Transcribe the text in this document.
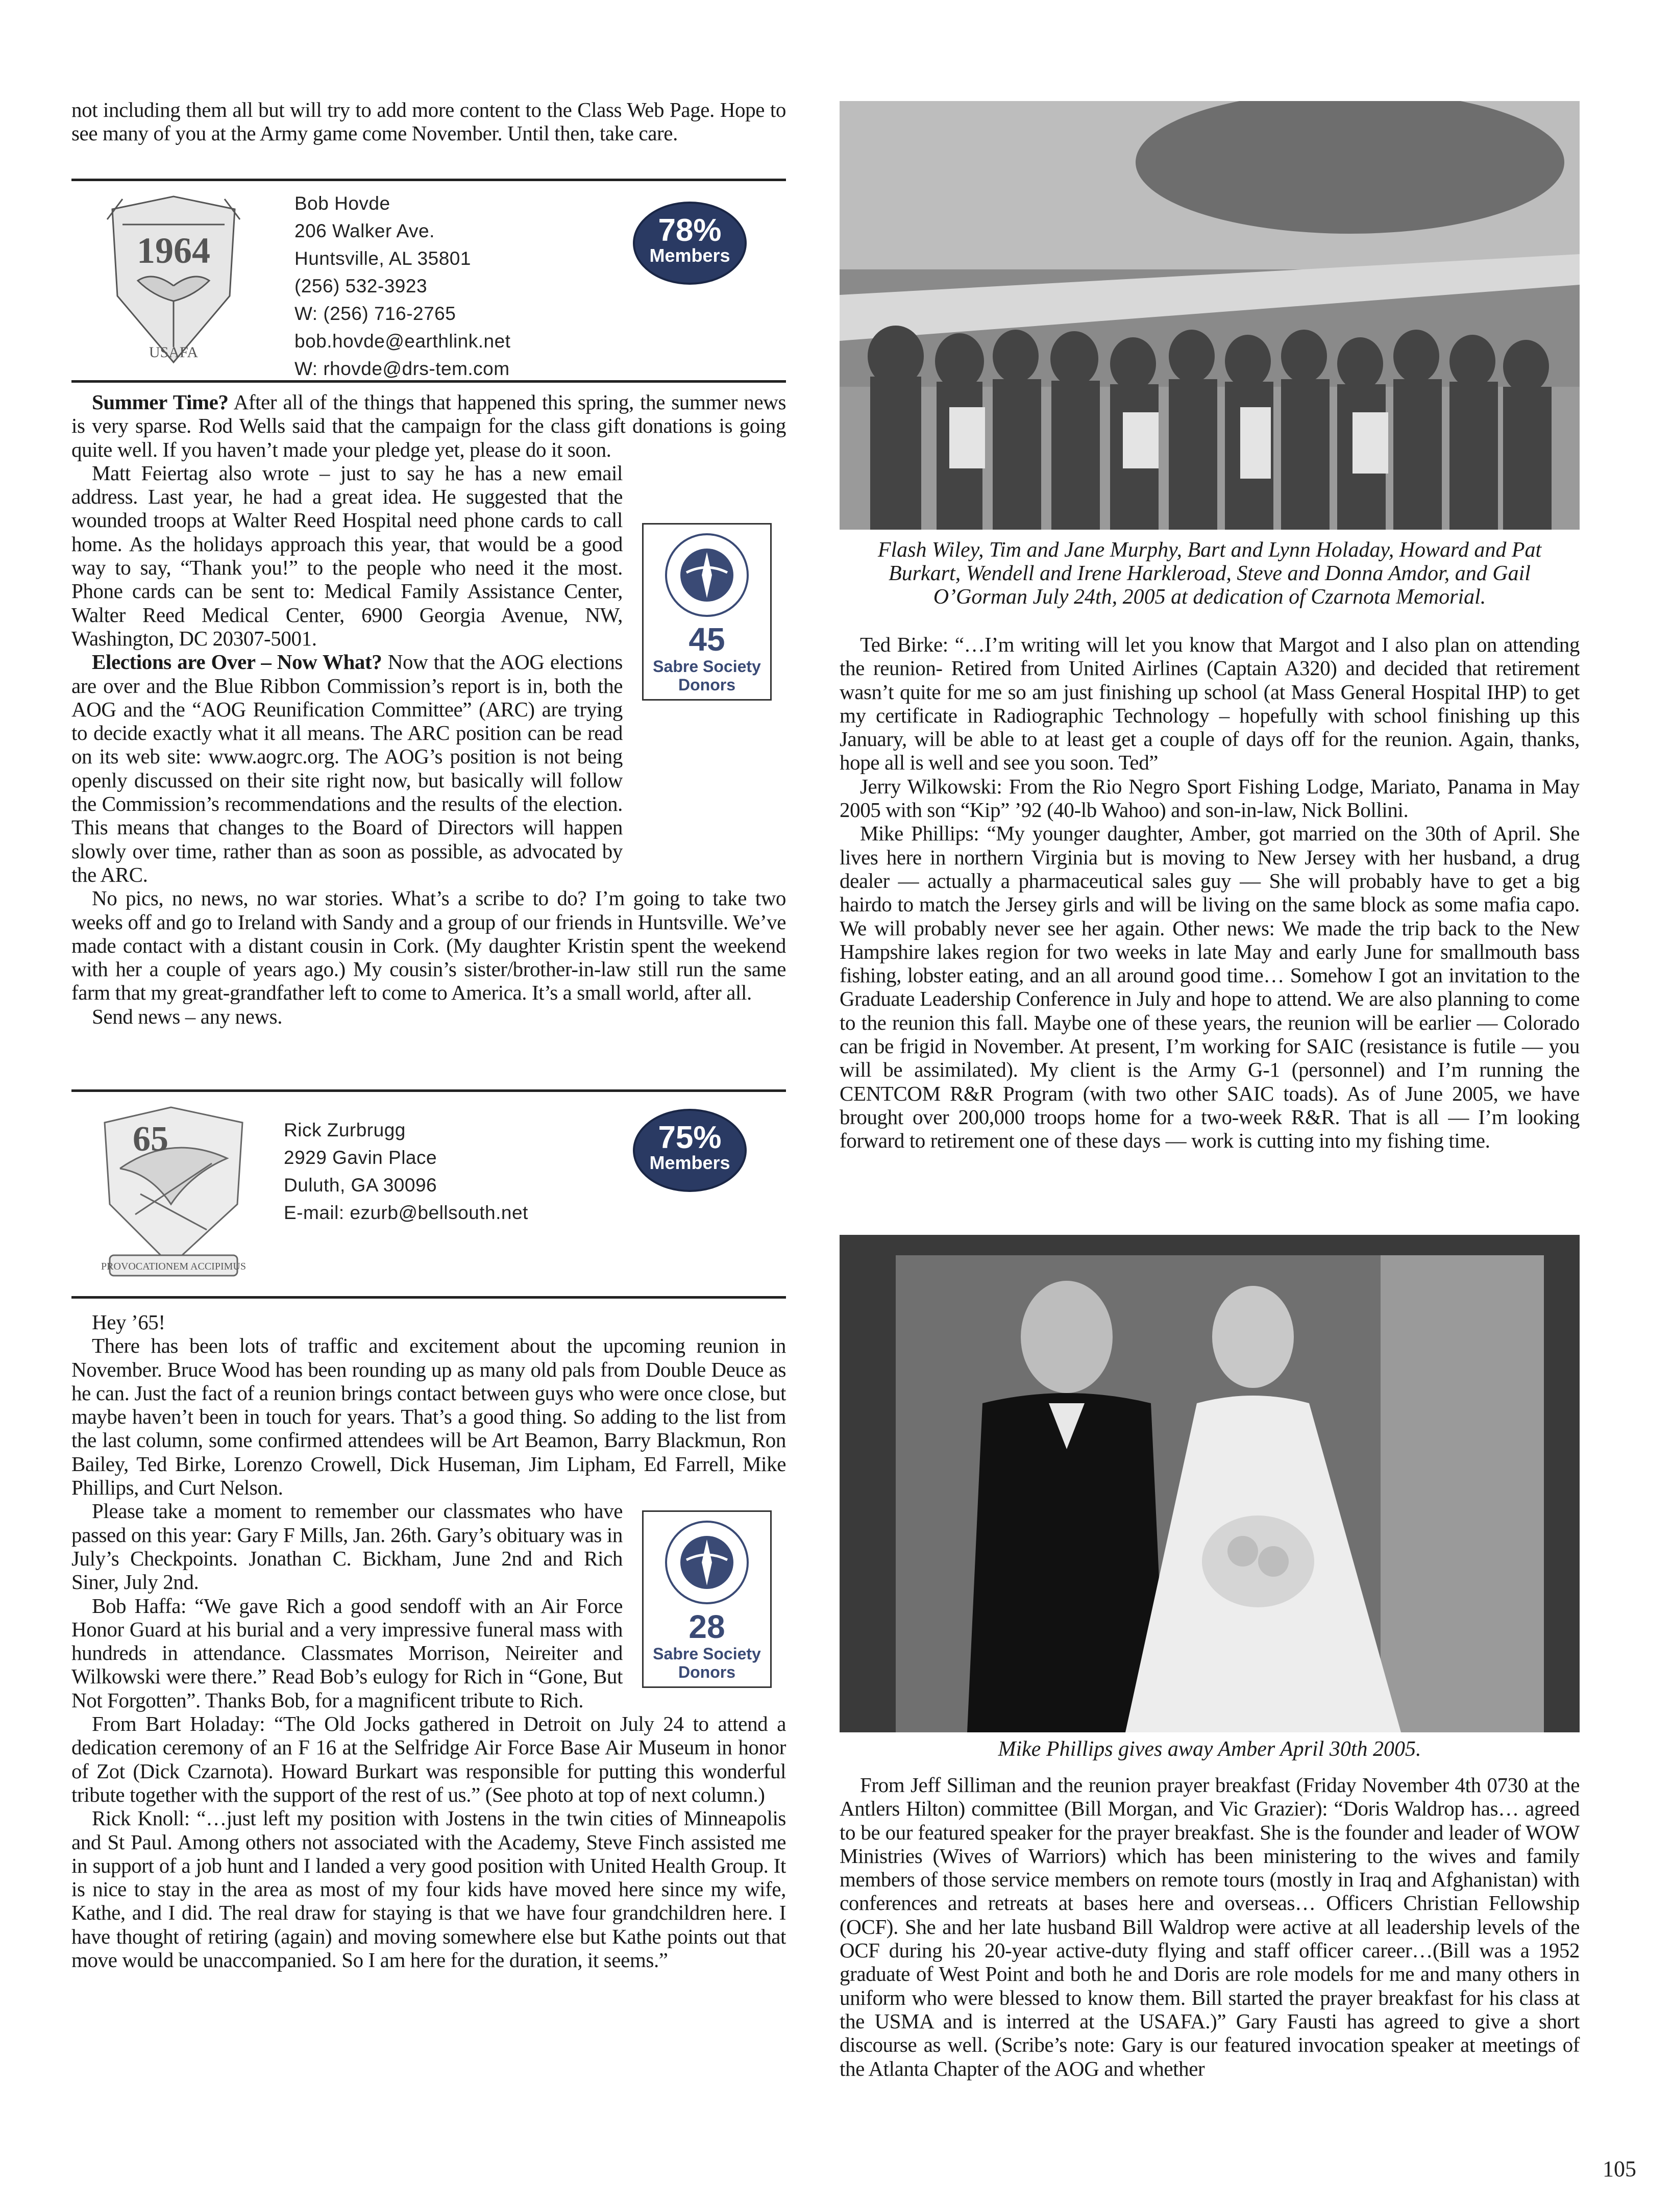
not including them all but will try to add more content to the Class Web Page. Hope to see many of you at the Army game come November. Until then, take care.

1964
USAFA
Bob Hovde
206 Walker Ave.
Huntsville, AL 35801
(256) 532-3923
W: (256) 716-2765
bob.hovde@earthlink.net
W: rhovde@drs-tem.com
78%
Members

Summer Time? After all of the things that happened this spring, the summer news is very sparse. Rod Wells said that the campaign for the class gift donations is going quite well. If you haven’t made your pledge yet, please do it soon.

Matt Feiertag also wrote – just to say he has a new email address. Last year, he had a great idea. He suggested that the wounded troops at Walter Reed Hospital need phone cards to call home. As the holidays approach this year, that would be a good way to say, “Thank you!” to the people who need it the most. Phone cards can be sent to: Medical Family Assistance Center, Walter Reed Medical Center, 6900 Georgia Avenue, NW, Washington, DC 20307-5001.

Elections are Over – Now What? Now that the AOG elections are over and the Blue Ribbon Commission’s report is in, both the AOG and the “AOG Reunification Committee” (ARC) are trying to decide exactly what it all means. The ARC position can be read on its web site: www.aogrc.org. The AOG’s position is not being openly discussed on their site right now, but basically will follow the Commission’s recommendations and the results of the election. This means that changes to the Board of Directors will happen slowly over time, rather than as soon as possible, as advocated by the ARC.

No pics, no news, no war stories. What’s a scribe to do? I’m going to take two weeks off and go to Ireland with Sandy and a group of our friends in Huntsville. We’ve made contact with a distant cousin in Cork. (My daughter Kristin spent the weekend with her a couple of years ago.) My cousin’s sister/brother-in-law still run the same farm that my great-grandfather left to come to America. It’s a small world, after all.

Send news – any news.

45
Sabre Society
Donors
65
PROVOCATIONEM ACCIPIMUS
Rick Zurbrugg
2929 Gavin Place
Duluth, GA 30096
E-mail: ezurb@bellsouth.net
75%
Members

Hey ’65!

There has been lots of traffic and excitement about the upcoming reunion in November. Bruce Wood has been rounding up as many old pals from Double Deuce as he can. Just the fact of a reunion brings contact between guys who were once close, but maybe haven’t been in touch for years. That’s a good thing. So adding to the list from the last column, some confirmed attendees will be Art Beamon, Barry Blackmun, Ron Bailey, Ted Birke, Lorenzo Crowell, Dick Huseman, Jim Lipham, Ed Farrell, Mike Phillips, and Curt Nelson.

Please take a moment to remember our classmates who have passed on this year: Gary F Mills, Jan. 26th. Gary’s obituary was in July’s Checkpoints. Jonathan C. Bickham, June 2nd and Rich Siner, July 2nd.

Bob Haffa: “We gave Rich a good sendoff with an Air Force Honor Guard at his burial and a very impressive funeral mass with hundreds in attendance. Classmates Morrison, Neireiter and Wilkowski were there.” Read Bob’s eulogy for Rich in “Gone, But Not Forgotten”. Thanks Bob, for a magnificent tribute to Rich.

From Bart Holaday: “The Old Jocks gathered in Detroit on July 24 to attend a dedication ceremony of an F 16 at the Selfridge Air Force Base Air Museum in honor of Zot (Dick Czarnota). Howard Burkart was responsible for putting this wonderful tribute together with the support of the rest of us.” (See photo at top of next column.)

Rick Knoll: “…just left my position with Jostens in the twin cities of Minneapolis and St Paul. Among others not associated with the Academy, Steve Finch assisted me in support of a job hunt and I landed a very good position with United Health Group. It is nice to stay in the area as most of my four kids have moved here since my wife, Kathe, and I did. The real draw for staying is that we have four grandchildren here. I have thought of retiring (again) and moving somewhere else but Kathe points out that move would be unaccompanied. So I am here for the duration, it seems.”

28
Sabre Society
Donors

Flash Wiley, Tim and Jane Murphy, Bart and Lynn Holaday, Howard and Pat Burkart, Wendell and Irene Harkleroad, Steve and Donna Amdor, and Gail O’Gorman July 24th, 2005 at dedication of Czarnota Memorial.

Ted Birke: “…I’m writing will let you know that Margot and I also plan on attending the reunion- Retired from United Airlines (Captain A320) and decided that retirement wasn’t quite for me so am just finishing up school (at Mass General Hospital IHP) to get my certificate in Radiographic Technology – hopefully with school finishing up this January, will be able to at least get a couple of days off for the reunion. Again, thanks, hope all is well and see you soon. Ted”

Jerry Wilkowski: From the Rio Negro Sport Fishing Lodge, Mariato, Panama in May 2005 with son “Kip” ’92 (40-lb Wahoo) and son-in-law, Nick Bollini.

Mike Phillips: “My younger daughter, Amber, got married on the 30th of April. She lives here in northern Virginia but is moving to New Jersey with her husband, a drug dealer — actually a pharmaceutical sales guy — She will probably have to get a big hairdo to match the Jersey girls and will be living on the same block as some mafia capo. We will probably never see her again. Other news: We made the trip back to the New Hampshire lakes region for two weeks in late May and early June for smallmouth bass fishing, lobster eating, and an all around good time… Somehow I got an invitation to the Graduate Leadership Conference in July and hope to attend. We are also planning to come to the reunion this fall. Maybe one of these years, the reunion will be earlier — Colorado can be frigid in November. At present, I’m working for SAIC (resistance is futile — you will be assimilated). My client is the Army G-1 (personnel) and I’m running the CENTCOM R&R Program (with two other SAIC toads). As of June 2005, we have brought over 200,000 troops home for a two-week R&R. That is all — I’m looking forward to retirement one of these days — work is cutting into my fishing time.

Mike Phillips gives away Amber April 30th 2005.

From Jeff Silliman and the reunion prayer breakfast (Friday November 4th 0730 at the Antlers Hilton) committee (Bill Morgan, and Vic Grazier): “Doris Waldrop has… agreed to be our featured speaker for the prayer breakfast. She is the founder and leader of WOW Ministries (Wives of Warriors) which has been ministering to the wives and family members of those service members on remote tours (mostly in Iraq and Afghanistan) with conferences and retreats at bases here and overseas… Officers Christian Fellowship (OCF). She and her late husband Bill Waldrop were active at all leadership levels of the OCF during his 20-year active-duty flying and staff officer career…(Bill was a 1952 graduate of West Point and both he and Doris are role models for me and many others in uniform who were blessed to know them. Bill started the prayer breakfast for his class at the USMA and is interred at the USAFA.)” Gary Fausti has agreed to give a short discourse as well. (Scribe’s note: Gary is our featured invocation speaker at meetings of the Atlanta Chapter of the AOG and whether

105
